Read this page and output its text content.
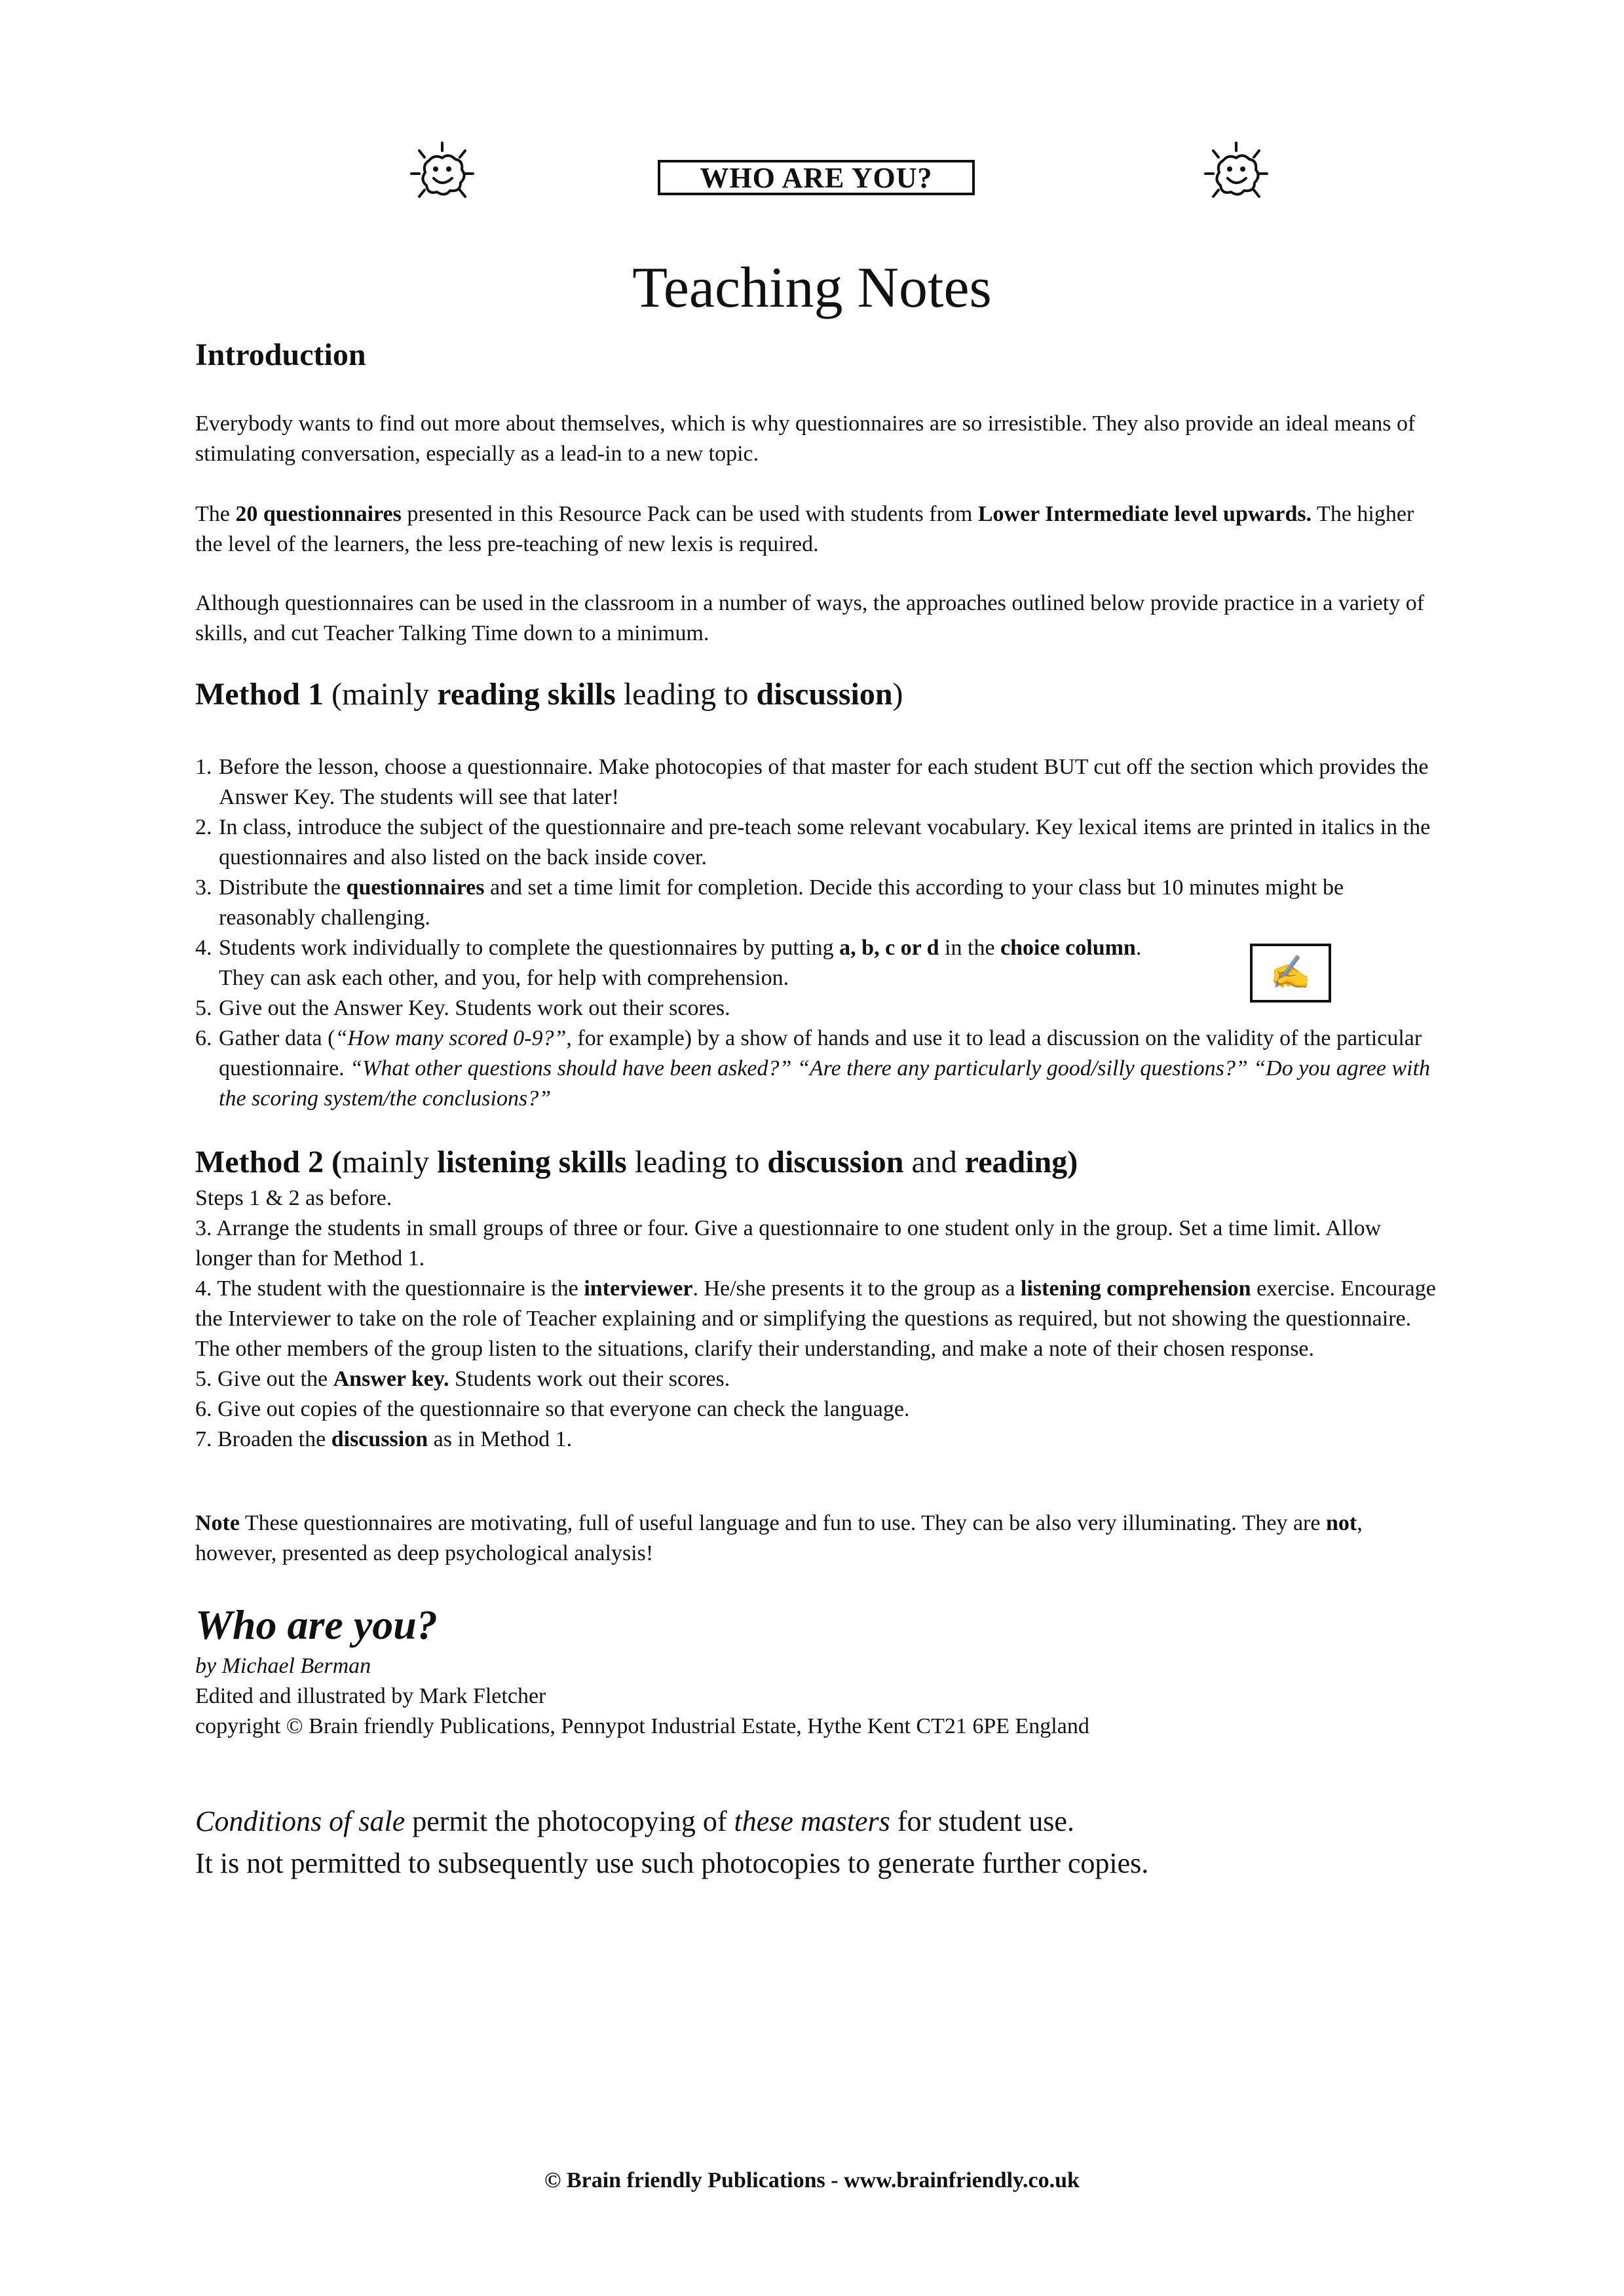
WHO ARE YOU?
Teaching Notes
Introduction

Everybody wants to find out more about themselves, which is why questionnaires are so irresistible. They also provide an ideal means of stimulating conversation, especially as a lead-in to a new topic.

The 20 questionnaires presented in this Resource Pack can be used with students from Lower Intermediate level upwards. The higher the level of the learners, the less pre-teaching of new lexis is required.

Although questionnaires can be used in the classroom in a number of ways, the approaches outlined below provide practice in a variety of skills, and cut Teacher Talking Time down to a minimum.

Method 1 (mainly reading skills leading to discussion)
1. Before the lesson, choose a questionnaire. Make photocopies of that master for each student BUT cut off the section which provides the Answer Key. The students will see that later!
2. In class, introduce the subject of the questionnaire and pre-teach some relevant vocabulary. Key lexical items are printed in italics in the questionnaires and also listed on the back inside cover.
3. Distribute the questionnaires and set a time limit for completion. Decide this according to your class but 10 minutes might be reasonably challenging.
4. Students work individually to complete the questionnaires by putting a, b, c or d in the choice column.
They can ask each other, and you, for help with comprehension.
5. Give out the Answer Key. Students work out their scores.
6. Gather data (“How many scored 0-9?”, for example) by a show of hands and use it to lead a discussion on the validity of the particular questionnaire. “What other questions should have been asked?” “Are there any particularly good/silly questions?” “Do you agree with the scoring system/the conclusions?”
✍
Method 2 (mainly listening skills leading to discussion and reading)

Steps 1 & 2 as before.

3. Arrange the students in small groups of three or four. Give a questionnaire to one student only in the group. Set a time limit. Allow longer than for Method 1.

4. The student with the questionnaire is the interviewer. He/she presents it to the group as a listening comprehension exercise. Encourage the Interviewer to take on the role of Teacher explaining and or simplifying the questions as required, but not showing the questionnaire. The other members of the group listen to the situations, clarify their understanding, and make a note of their chosen response.

5. Give out the Answer key. Students work out their scores.

6. Give out copies of the questionnaire so that everyone can check the language.

7. Broaden the discussion as in Method 1.

Note These questionnaires are motivating, full of useful language and fun to use. They can be also very illuminating. They are not, however, presented as deep psychological analysis!

Who are you?

by Michael Berman

Edited and illustrated by Mark Fletcher

copyright © Brain friendly Publications, Pennypot Industrial Estate, Hythe Kent CT21 6PE England

Conditions of sale permit the photocopying of these masters for student use.

It is not permitted to subsequently use such photocopies to generate further copies.

© Brain friendly Publications - www.brainfriendly.co.uk
